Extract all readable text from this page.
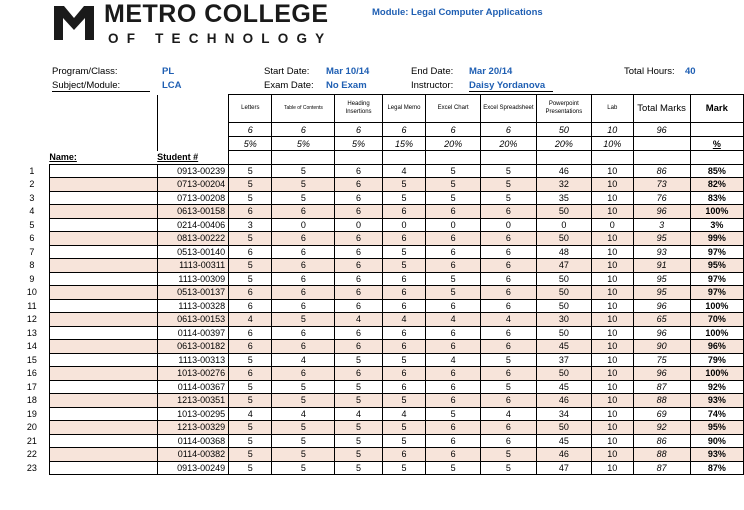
METRO COLLEGE
OF TECHNOLOGY
Module: Legal Computer Applications
Program/Class:	PL
Subject/Module:	LCA
Start Date: Mar 10/14
Exam Date: No Exam
End Date: Mar 20/14
Instructor: Daisy Yordanova
Total Hours: 40
			Letters	Table of Contents	Heading Insertions	Legal Memo	Excel Chart	Excel Spreadsheet	Powerpoint Presentations	Lab	Total Marks	Mark
			6	6	6	6	6	6	50	10	96	
			5%	5%	5%	15%	20%	20%	20%	10%		%
	Name:	Student #										
1		0913-00239	5	5	6	4	5	5	46	10	86	85%
2		0713-00204	5	5	6	5	5	5	32	10	73	82%
3		0713-00208	5	5	6	5	5	5	35	10	76	83%
4		0613-00158	6	6	6	6	6	6	50	10	96	100%
5		0214-00406	3	0	0	0	0	0	0	0	3	3%
6		0813-00222	5	6	6	6	6	6	50	10	95	99%
7		0513-00140	6	6	6	5	6	6	48	10	93	97%
8		1113-00311	5	6	6	5	6	6	47	10	91	95%
9		1113-00309	5	6	6	6	5	6	50	10	95	97%
10		0513-00137	6	6	6	6	5	6	50	10	95	97%
11		1113-00328	6	6	6	6	6	6	50	10	96	100%
12		0613-00153	4	5	4	4	4	4	30	10	65	70%
13		0114-00397	6	6	6	6	6	6	50	10	96	100%
14		0613-00182	6	6	6	6	6	6	45	10	90	96%
15		1113-00313	5	4	5	5	4	5	37	10	75	79%
16		1013-00276	6	6	6	6	6	6	50	10	96	100%
17		0114-00367	5	5	5	6	6	5	45	10	87	92%
18		1213-00351	5	5	5	5	6	6	46	10	88	93%
19		1013-00295	4	4	4	4	5	4	34	10	69	74%
20		1213-00329	5	5	5	5	6	6	50	10	92	95%
21		0114-00368	5	5	5	5	6	6	45	10	86	90%
22		0114-00382	5	5	5	6	6	5	46	10	88	93%
23		0913-00249	5	5	5	5	5	5	47	10	87	87%
